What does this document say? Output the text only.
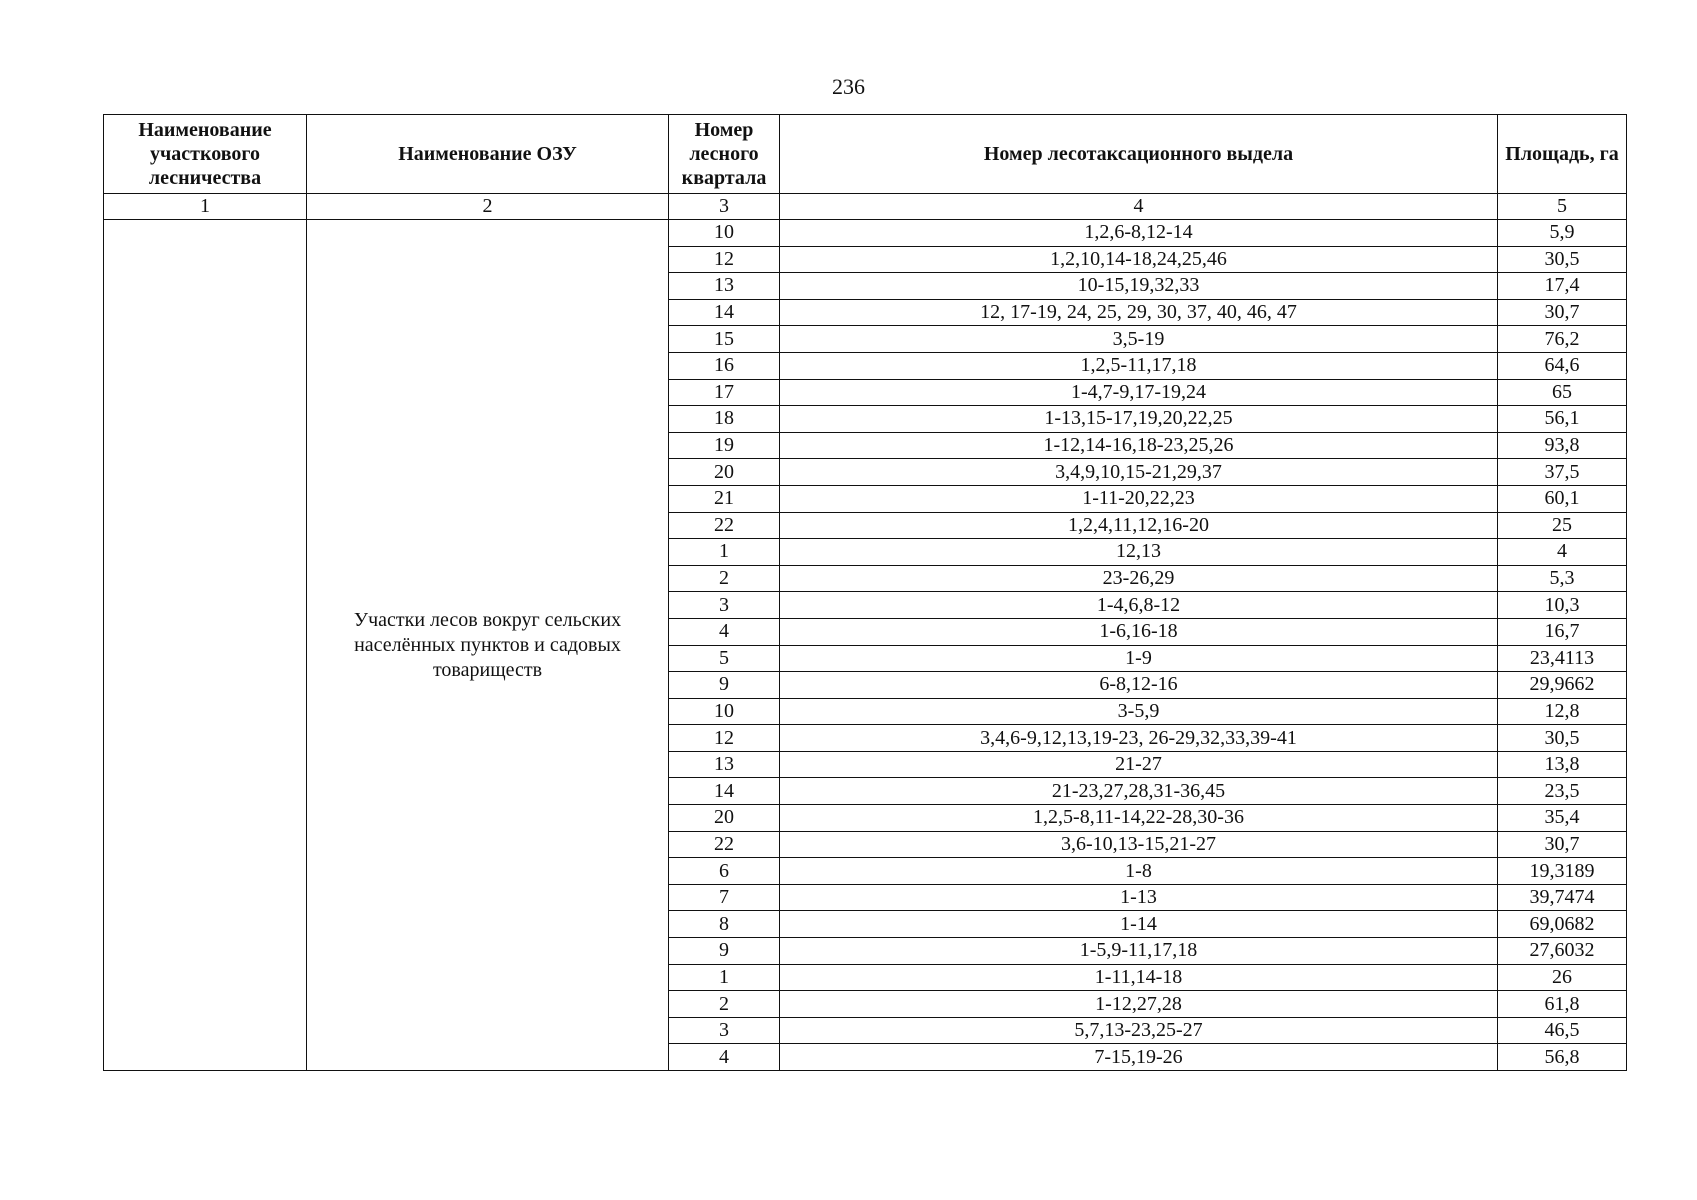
236
Наименование участкового лесничества	Наименование ОЗУ	Номер лесного квартала	Номер лесотаксационного выдела	Площадь, га
1	2	3	4	5
	Участки лесов вокруг сельских населённых пунктов и садовых товариществ	10	1,2,6-8,12-14	5,9
		12	1,2,10,14-18,24,25,46	30,5
		13	10-15,19,32,33	17,4
		14	12, 17-19, 24, 25, 29, 30, 37, 40, 46, 47	30,7
		15	3,5-19	76,2
		16	1,2,5-11,17,18	64,6
		17	1-4,7-9,17-19,24	65
		18	1-13,15-17,19,20,22,25	56,1
		19	1-12,14-16,18-23,25,26	93,8
		20	3,4,9,10,15-21,29,37	37,5
		21	1-11-20,22,23	60,1
		22	1,2,4,11,12,16-20	25
		1	12,13	4
		2	23-26,29	5,3
		3	1-4,6,8-12	10,3
		4	1-6,16-18	16,7
		5	1-9	23,4113
		9	6-8,12-16	29,9662
		10	3-5,9	12,8
		12	3,4,6-9,12,13,19-23, 26-29,32,33,39-41	30,5
		13	21-27	13,8
		14	21-23,27,28,31-36,45	23,5
		20	1,2,5-8,11-14,22-28,30-36	35,4
		22	3,6-10,13-15,21-27	30,7
		6	1-8	19,3189
		7	1-13	39,7474
		8	1-14	69,0682
		9	1-5,9-11,17,18	27,6032
		1	1-11,14-18	26
		2	1-12,27,28	61,8
		3	5,7,13-23,25-27	46,5
		4	7-15,19-26	56,8
